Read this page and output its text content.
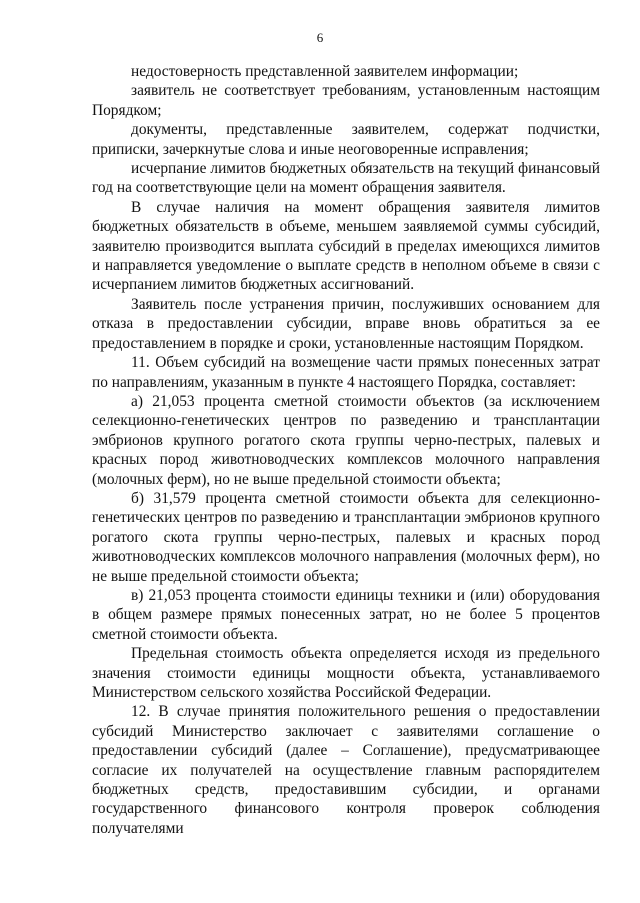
6

недостоверность представленной заявителем информации;

заявитель не соответствует требованиям, установленным настоящим Порядком;

документы, представленные заявителем, содержат подчистки, приписки, зачеркнутые слова и иные неоговоренные исправления;

исчерпание лимитов бюджетных обязательств на текущий финансовый год на соответствующие цели на момент обращения заявителя.

В случае наличия на момент обращения заявителя лимитов бюджетных обязательств в объеме, меньшем заявляемой суммы субсидий, заявителю производится выплата субсидий в пределах имеющихся лимитов и направляется уведомление о выплате средств в неполном объеме в связи с исчерпанием лимитов бюджетных ассигнований.

Заявитель после устранения причин, послуживших основанием для отказа в предоставлении субсидии, вправе вновь обратиться за ее предоставлением в порядке и сроки, установленные настоящим Порядком.

11. Объем субсидий на возмещение части прямых понесенных затрат по направлениям, указанным в пункте 4 настоящего Порядка, составляет:

а) 21,053 процента сметной стоимости объектов (за исключением селекционно-генетических центров по разведению и трансплантации эмбрионов крупного рогатого скота группы черно-пестрых, палевых и красных пород животноводческих комплексов молочного направления (молочных ферм), но не выше предельной стоимости объекта;

б) 31,579 процента сметной стоимости объекта для селекционно-генетических центров по разведению и трансплантации эмбрионов крупного рогатого скота группы черно-пестрых, палевых и красных пород животноводческих комплексов молочного направления (молочных ферм), но не выше предельной стоимости объекта;

в) 21,053 процента стоимости единицы техники и (или) оборудования в общем размере прямых понесенных затрат, но не более 5 процентов сметной стоимости объекта.

Предельная стоимость объекта определяется исходя из предельного значения стоимости единицы мощности объекта, устанавливаемого Министерством сельского хозяйства Российской Федерации.

12. В случае принятия положительного решения о предоставлении субсидий Министерство заключает с заявителями соглашение о предоставлении субсидий (далее – Соглашение), предусматривающее согласие их получателей на осуществление главным распорядителем бюджетных средств, предоставившим субсидии, и органами государственного финансового контроля проверок соблюдения получателями
